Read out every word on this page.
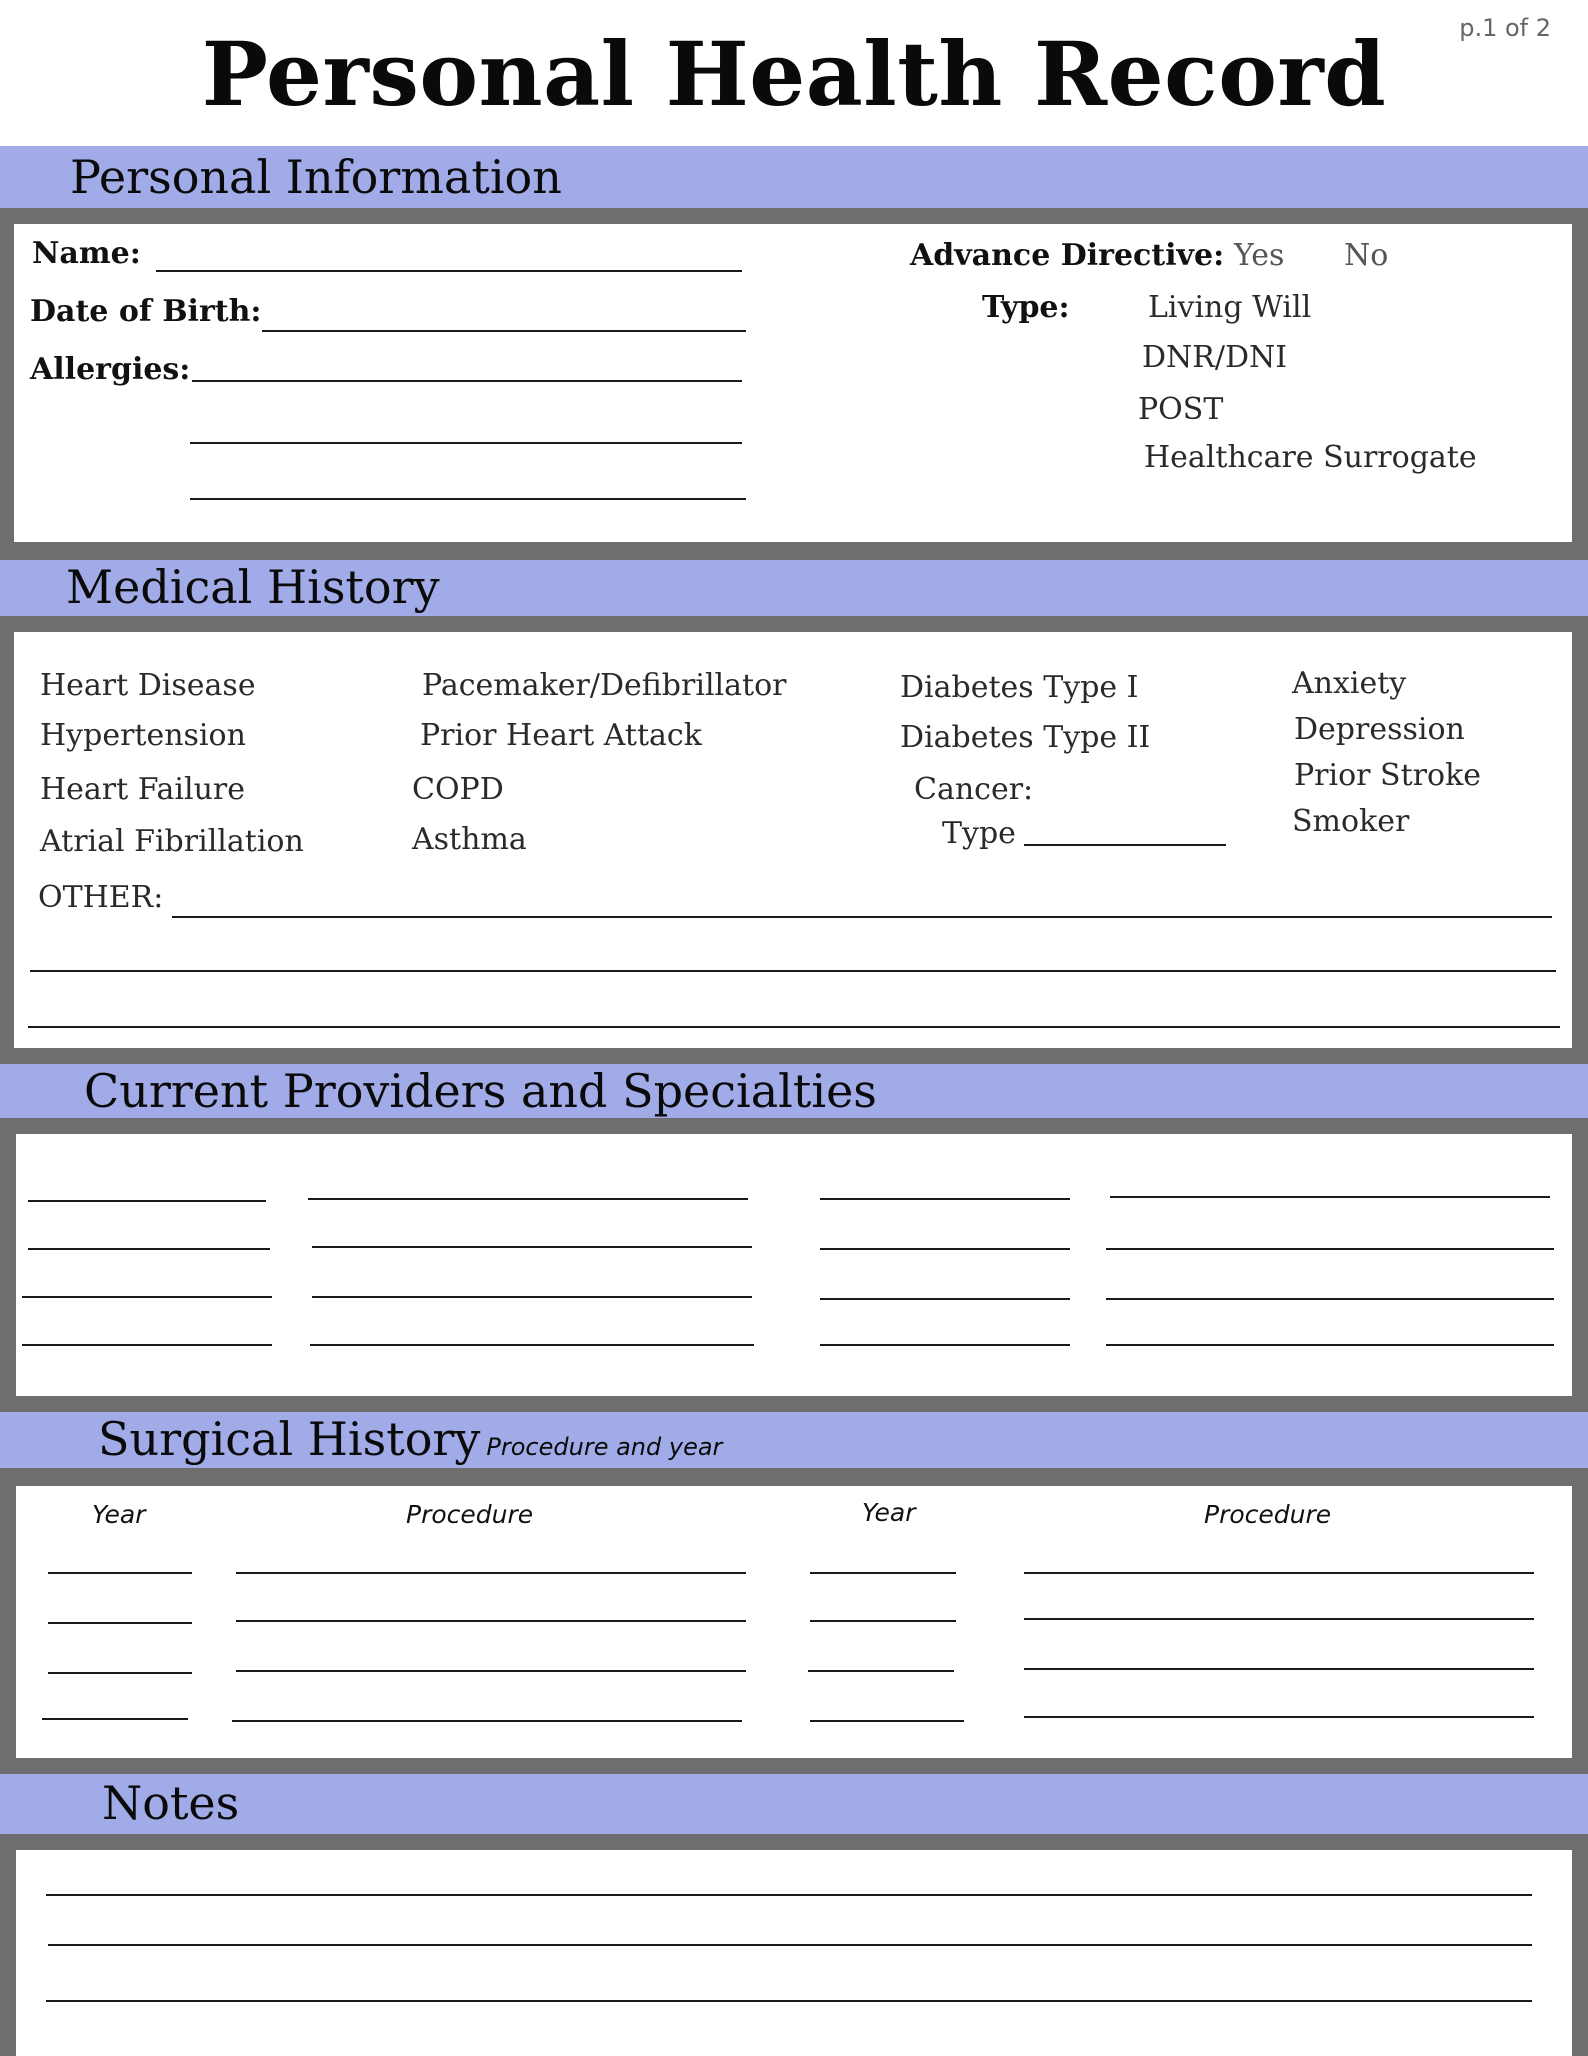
p.1 of 2
Personal Health Record
Personal Information
Name:
Date of Birth:
Allergies:
Advance Directive: Yes No
Type:	Living Will
DNR/DNI
POST
Healthcare Surrogate
Medical History
Heart Disease
Hypertension
Heart Failure
Atrial Fibrillation
Pacemaker/Defibrillator
Prior Heart Attack
COPD
Asthma
Diabetes Type I
Diabetes Type II
Cancer:
Type
Anxiety
Depression
Prior Stroke
Smoker
OTHER:
Current Providers and Specialties
Surgical History Procedure and year
Year	Procedure	Year	Procedure
Notes
